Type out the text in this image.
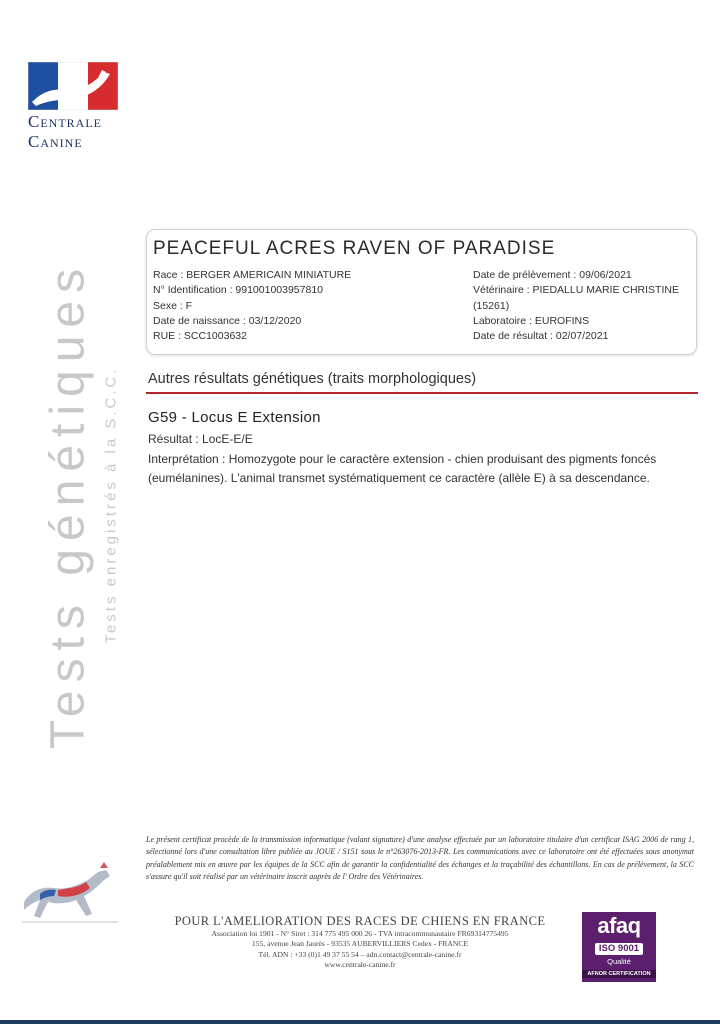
Centrale
Canine
Tests génétiques Tests enregistrés à la S.C.C.
PEACEFUL ACRES RAVEN OF PARADISE
Race : BERGER AMERICAIN MINIATURE
N° Identification : 991001003957810
Sexe : F
Date de naissance : 03/12/2020
RUE : SCC1003632
Date de prélèvement : 09/06/2021
Vétérinaire : PIEDALLU MARIE CHRISTINE
(15261)
Laboratoire : EUROFINS
Date de résultat : 02/07/2021
Autres résultats génétiques (traits morphologiques)
G59 - Locus E Extension
Résultat : LocE-E/E
Interprétation : Homozygote pour le caractère extension - chien produisant des pigments foncés (eumélanines). L'animal transmet systématiquement ce caractère (allèle E) à sa descendance.
Le présent certificat procède de la transmission informatique (valant signature) d'une analyse effectuée par un laboratoire titulaire d'un certificat ISAG 2006 de rang 1, sélectionné lors d'une consultation libre publiée au JOUE / S151 sous le n°263076-2013-FR. Les communications avec ce laboratoire ont été effectuées sous anonymat préalablement mis en œuvre par les équipes de la SCC afin de garantir la confidentialité des échanges et la traçabilité des échantillons. En cas de prélèvement, la SCC s'assure qu'il soit réalisé par un vétérinaire inscrit auprès de l' Ordre des Vétérinaires.
POUR L'AMELIORATION DES RACES DE CHIENS EN FRANCE
Association loi 1901 - N° Siret : 314 775 495 000 26 - TVA intracommunautaire FR69314775495
155, avenue Jean Jaurès - 93535 AUBERVILLIERS Cedex - FRANCE
Tél. ADN : +33 (0)1 49 37 55 54 – adn.contact@centrale-canine.fr
www.centrale-canine.fr
afaq
ISO 9001
Qualité
AFNOR CERTIFICATION
